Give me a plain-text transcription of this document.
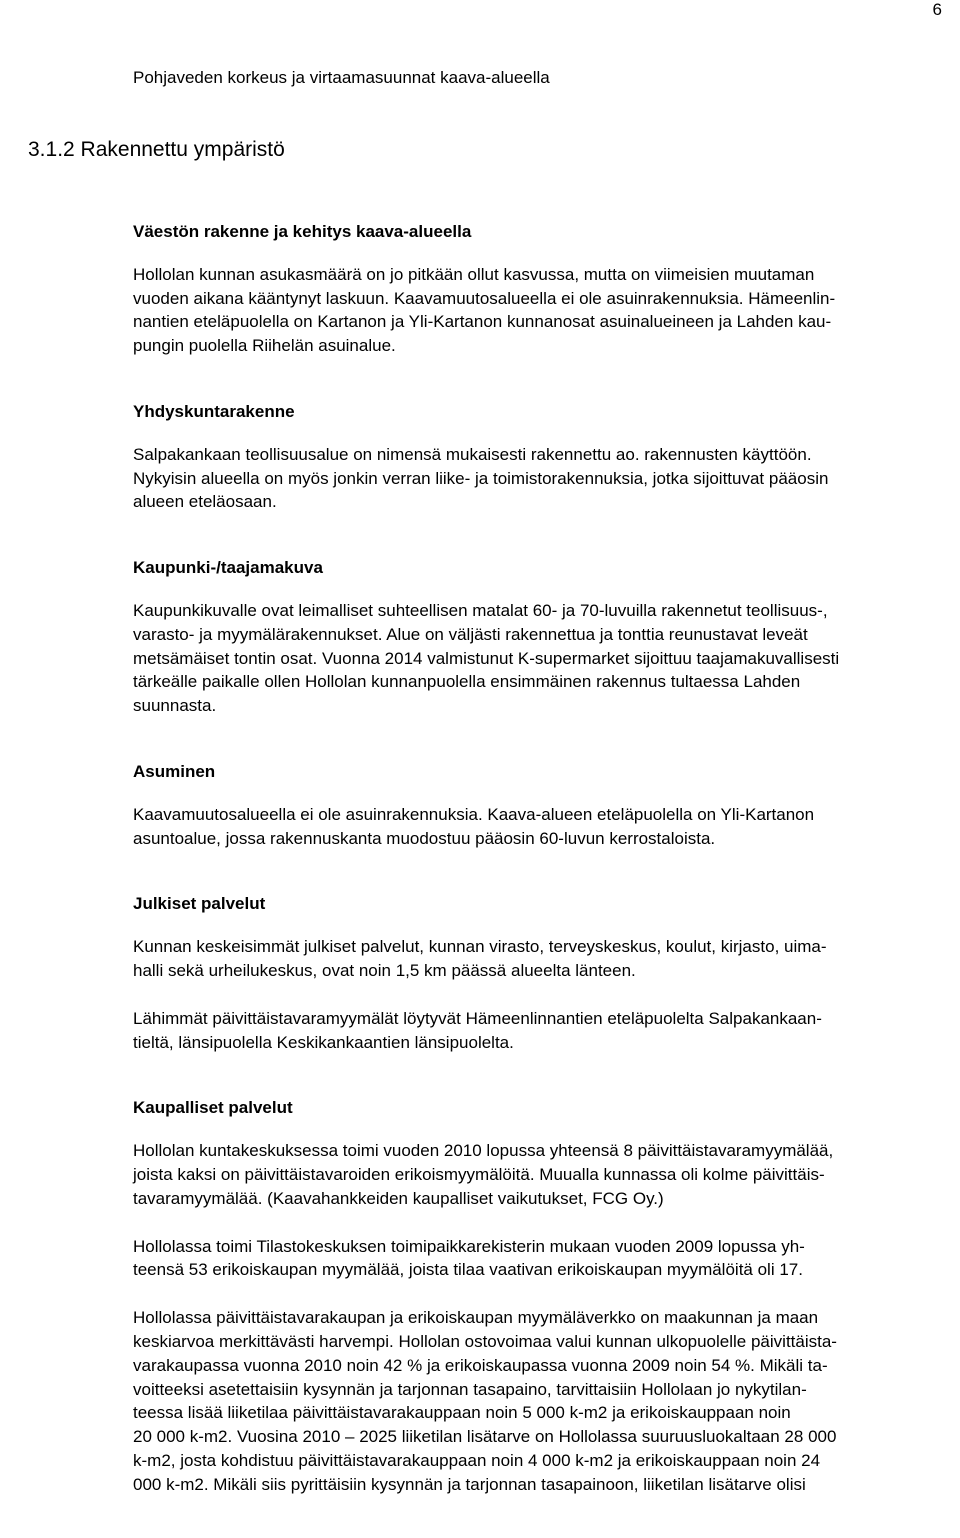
6
Pohjaveden korkeus ja virtaamasuunnat kaava-alueella
3.1.2 Rakennettu ympäristö
Väestön rakenne ja kehitys kaava-alueella

Hollolan kunnan asukasmäärä on jo pitkään ollut kasvussa, mutta on viimeisien muutaman
vuoden aikana kääntynyt laskuun. Kaavamuutosalueella ei ole asuinrakennuksia. Hämeenlin-
nantien eteläpuolella on Kartanon ja Yli-Kartanon kunnanosat asuinalueineen ja Lahden kau-
pungin puolella Riihelän asuinalue.

Yhdyskuntarakenne

Salpakankaan teollisuusalue on nimensä mukaisesti rakennettu ao. rakennusten käyttöön.
Nykyisin alueella on myös jonkin verran liike- ja toimistorakennuksia, jotka sijoittuvat pääosin
alueen eteläosaan.

Kaupunki-/taajamakuva

Kaupunkikuvalle ovat leimalliset suhteellisen matalat 60- ja 70-luvuilla rakennetut teollisuus-,
varasto- ja myymälärakennukset. Alue on väljästi rakennettua ja tonttia reunustavat leveät
metsämäiset tontin osat. Vuonna 2014 valmistunut K-supermarket sijoittuu taajamakuvallisesti
tärkeälle paikalle ollen Hollolan kunnanpuolella ensimmäinen rakennus tultaessa Lahden
suunnasta.

Asuminen

Kaavamuutosalueella ei ole asuinrakennuksia. Kaava-alueen eteläpuolella on Yli-Kartanon
asuntoalue, jossa rakennuskanta muodostuu pääosin 60-luvun kerrostaloista.

Julkiset palvelut

Kunnan keskeisimmät julkiset palvelut, kunnan virasto, terveyskeskus, koulut, kirjasto, uima-
halli sekä urheilukeskus, ovat noin 1,5 km päässä alueelta länteen.

Lähimmät päivittäistavaramyymälät löytyvät Hämeenlinnantien eteläpuolelta Salpakankaan-
tieltä, länsipuolella Keskikankaantien länsipuolelta.

Kaupalliset palvelut

Hollolan kuntakeskuksessa toimi vuoden 2010 lopussa yhteensä 8 päivittäistavaramyymälää,
joista kaksi on päivittäistavaroiden erikoismyymälöitä. Muualla kunnassa oli kolme päivittäis-
tavaramyymälää. (Kaavahankkeiden kaupalliset vaikutukset, FCG Oy.)

Hollolassa toimi Tilastokeskuksen toimipaikkarekisterin mukaan vuoden 2009 lopussa yh-
teensä 53 erikoiskaupan myymälää, joista tilaa vaativan erikoiskaupan myymälöitä oli 17.

Hollolassa päivittäistavarakaupan ja erikoiskaupan myymäläverkko on maakunnan ja maan
keskiarvoa merkittävästi harvempi. Hollolan ostovoimaa valui kunnan ulkopuolelle päivittäista-
varakaupassa vuonna 2010 noin 42 % ja erikoiskaupassa vuonna 2009 noin 54 %. Mikäli ta-
voitteeksi asetettaisiin kysynnän ja tarjonnan tasapaino, tarvittaisiin Hollolaan jo nykytilan-
teessa lisää liiketilaa päivittäistavarakauppaan noin 5 000 k-m2 ja erikoiskauppaan noin
20 000 k-m2. Vuosina 2010 – 2025 liiketilan lisätarve on Hollolassa suuruusluokaltaan 28 000
k-m2, josta kohdistuu päivittäistavarakauppaan noin 4 000 k-m2 ja erikoiskauppaan noin 24
000 k-m2. Mikäli siis pyrittäisiin kysynnän ja tarjonnan tasapainoon, liiketilan lisätarve olisi
